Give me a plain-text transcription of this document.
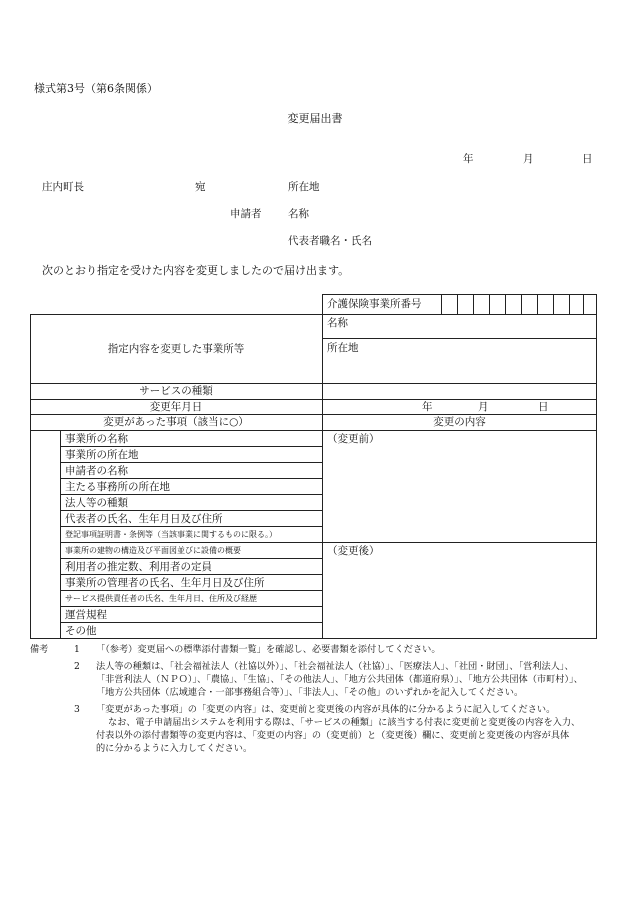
様式第3号（第6条関係）
変更届出書
年	月	日
庄内町長	宛	所在地
申請者	名称
代表者職名・氏名
次のとおり指定を受けた内容を変更しましたので届け出ます。
介護保険事業所番号
指定内容を変更した事業所等
名称
所在地
サービスの種類
変更年月日	年	月	日
変更があった事項（該当に○）	変更の内容
（変更前）
（変更後）
事業所の名称
事業所の所在地
申請者の名称
主たる事務所の所在地
法人等の種類
代表者の氏名、生年月日及び住所
登記事項証明書・条例等（当該事業に関するものに限る。）
事業所の建物の構造及び平面図並びに設備の概要
利用者の推定数、利用者の定員
事業所の管理者の氏名、生年月日及び住所
サービス提供責任者の氏名、生年月日、住所及び経歴
運営規程
その他
備考	1 「（参考）変更届への標準添付書類一覧」を確認し、必要書類を添付してください。
2 法人等の種類は、「社会福祉法人（社協以外）」、「社会福祉法人（社協）」、「医療法人」、「社団・財団」、「営利法人」、
「非営利法人（ＮＰＯ）」、「農協」、「生協」、「その他法人」、「地方公共団体（都道府県）」、「地方公共団体（市町村）」、
「地方公共団体（広域連合・一部事務組合等）」、「非法人」、「その他」のいずれかを記入してください。
3 「変更があった事項」の「変更の内容」は、変更前と変更後の内容が具体的に分かるように記入してください。
なお、電子申請届出システムを利用する際は、「サービスの種類」に該当する付表に変更前と変更後の内容を入力、
付表以外の添付書類等の変更内容は、「変更の内容」の（変更前）と（変更後）欄に、変更前と変更後の内容が具体
的に分かるように入力してください。
